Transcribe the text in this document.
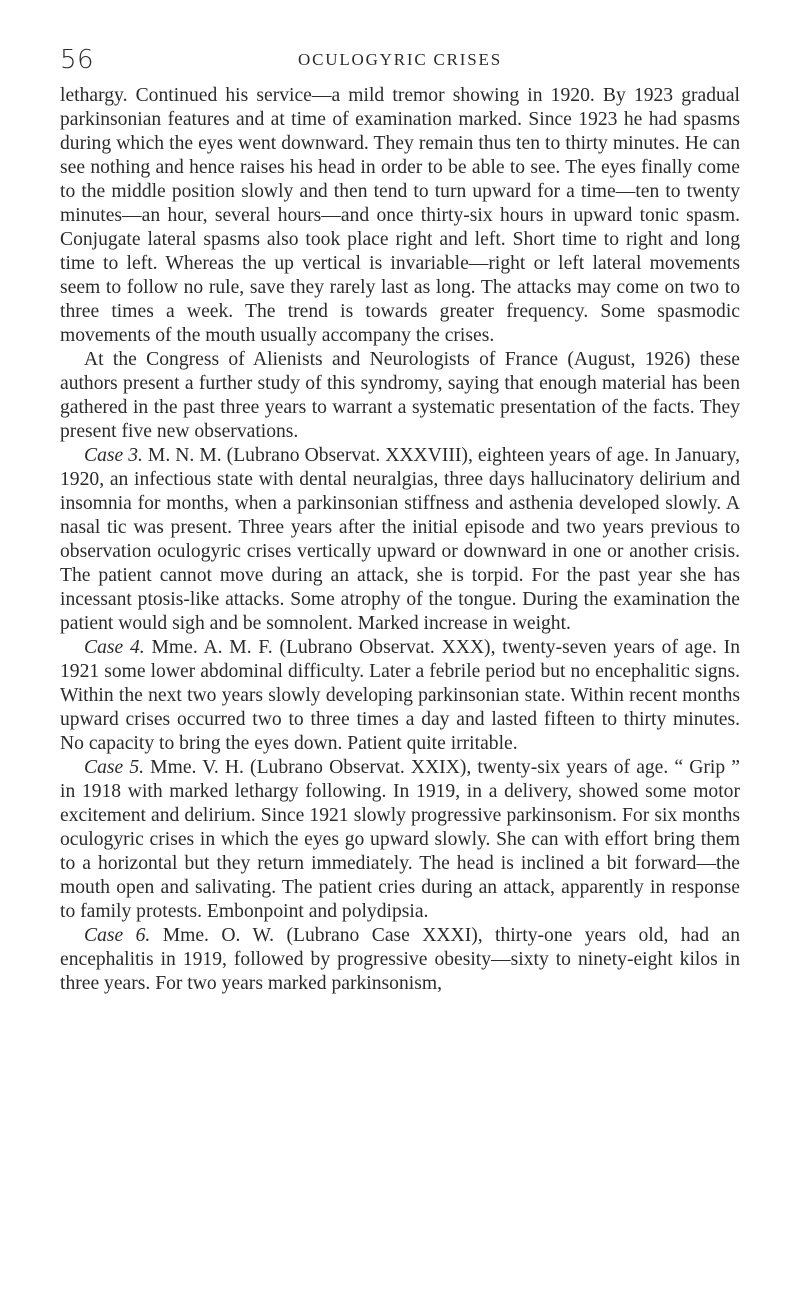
56	OCULOGYRIC CRISES

lethargy. Continued his service—a mild tremor showing in 1920. By 1923 gradual parkinsonian features and at time of examination marked. Since 1923 he had spasms during which the eyes went downward. They remain thus ten to thirty minutes. He can see nothing and hence raises his head in order to be able to see. The eyes finally come to the middle position slowly and then tend to turn upward for a time—ten to twenty minutes—an hour, several hours—and once thirty-six hours in upward tonic spasm. Conjugate lateral spasms also took place right and left. Short time to right and long time to left. Whereas the up vertical is invariable—right or left lateral movements seem to follow no rule, save they rarely last as long. The attacks may come on two to three times a week. The trend is towards greater frequency. Some spasmodic movements of the mouth usually accompany the crises.

At the Congress of Alienists and Neurologists of France (August, 1926) these authors present a further study of this syndromy, saying that enough material has been gathered in the past three years to warrant a systematic presentation of the facts. They present five new observations.

Case 3. M. N. M. (Lubrano Observat. XXXVIII), eighteen years of age. In January, 1920, an infectious state with dental neuralgias, three days hallucinatory delirium and insomnia for months, when a parkinsonian stiffness and asthenia developed slowly. A nasal tic was present. Three years after the initial episode and two years previous to observation oculogyric crises vertically upward or downward in one or another crisis. The patient cannot move during an attack, she is torpid. For the past year she has incessant ptosis-like attacks. Some atrophy of the tongue. During the examination the patient would sigh and be somnolent. Marked increase in weight.

Case 4. Mme. A. M. F. (Lubrano Observat. XXX), twenty-seven years of age. In 1921 some lower abdominal difficulty. Later a febrile period but no encephalitic signs. Within the next two years slowly developing parkinsonian state. Within recent months upward crises occurred two to three times a day and lasted fifteen to thirty minutes. No capacity to bring the eyes down. Patient quite irritable.

Case 5. Mme. V. H. (Lubrano Observat. XXIX), twenty-six years of age. “ Grip ” in 1918 with marked lethargy following. In 1919, in a delivery, showed some motor excitement and delirium. Since 1921 slowly progressive parkinsonism. For six months oculogyric crises in which the eyes go upward slowly. She can with effort bring them to a horizontal but they return immediately. The head is inclined a bit forward—the mouth open and salivating. The patient cries during an attack, apparently in response to family protests. Embonpoint and polydipsia.

Case 6. Mme. O. W. (Lubrano Case XXXI), thirty-one years old, had an encephalitis in 1919, followed by progressive obesity—sixty to ninety-eight kilos in three years. For two years marked parkinsonism,
